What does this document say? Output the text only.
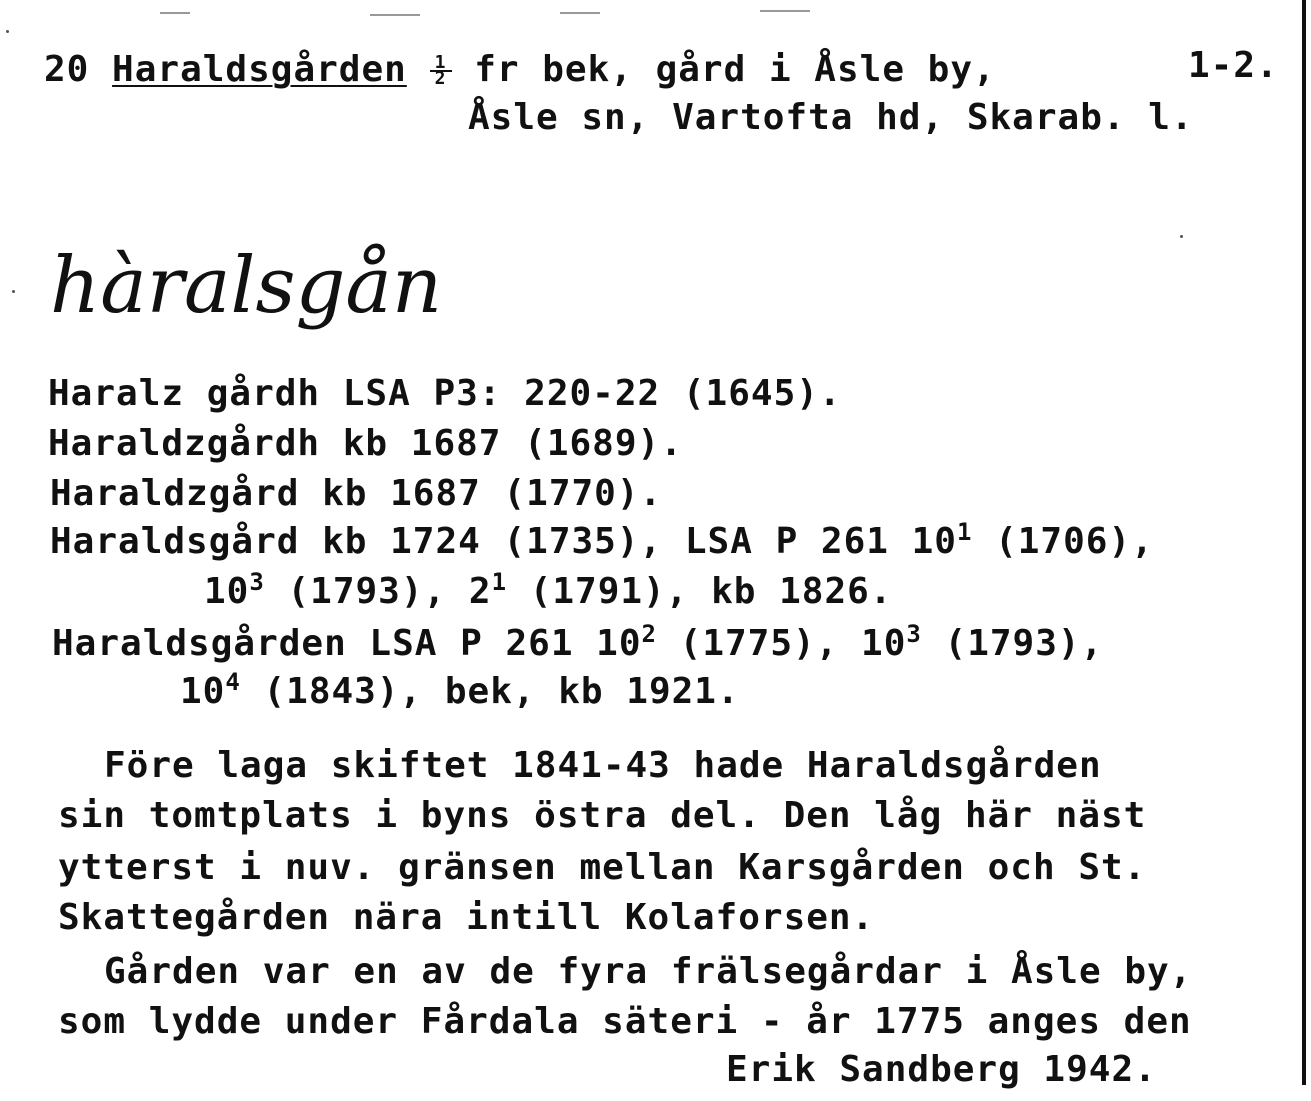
20 Haraldsgården $\frac{1}{2}$ fr bek, gård i Åsle by,	1-2.
Åsle sn, Vartofta hd, Skarab. l.
hàralsgån
Haralz gårdh LSA P3: 220-22 (1645).
Haraldzgårdh kb 1687 (1689).
Haraldzgård kb 1687 (1770).
Haraldsgård kb 1724 (1735), LSA P 261 $10^1$ (1706),
$10^3$ (1793), $2^1$ (1791), kb 1826.
Haraldsgården LSA P 261 $10^2$ (1775), $10^3$ (1793),
$10^4$ (1843), bek, kb 1921.
Före laga skiftet 1841-43 hade Haraldsgården
sin tomtplats i byns östra del. Den låg här näst
ytterst i nuv. gränsen mellan Karsgården och St.
Skattegården nära intill Kolaforsen.
Gården var en av de fyra frälsegårdar i Åsle by,
som lydde under Fårdala säteri - år 1775 anges den
Erik Sandberg 1942.
